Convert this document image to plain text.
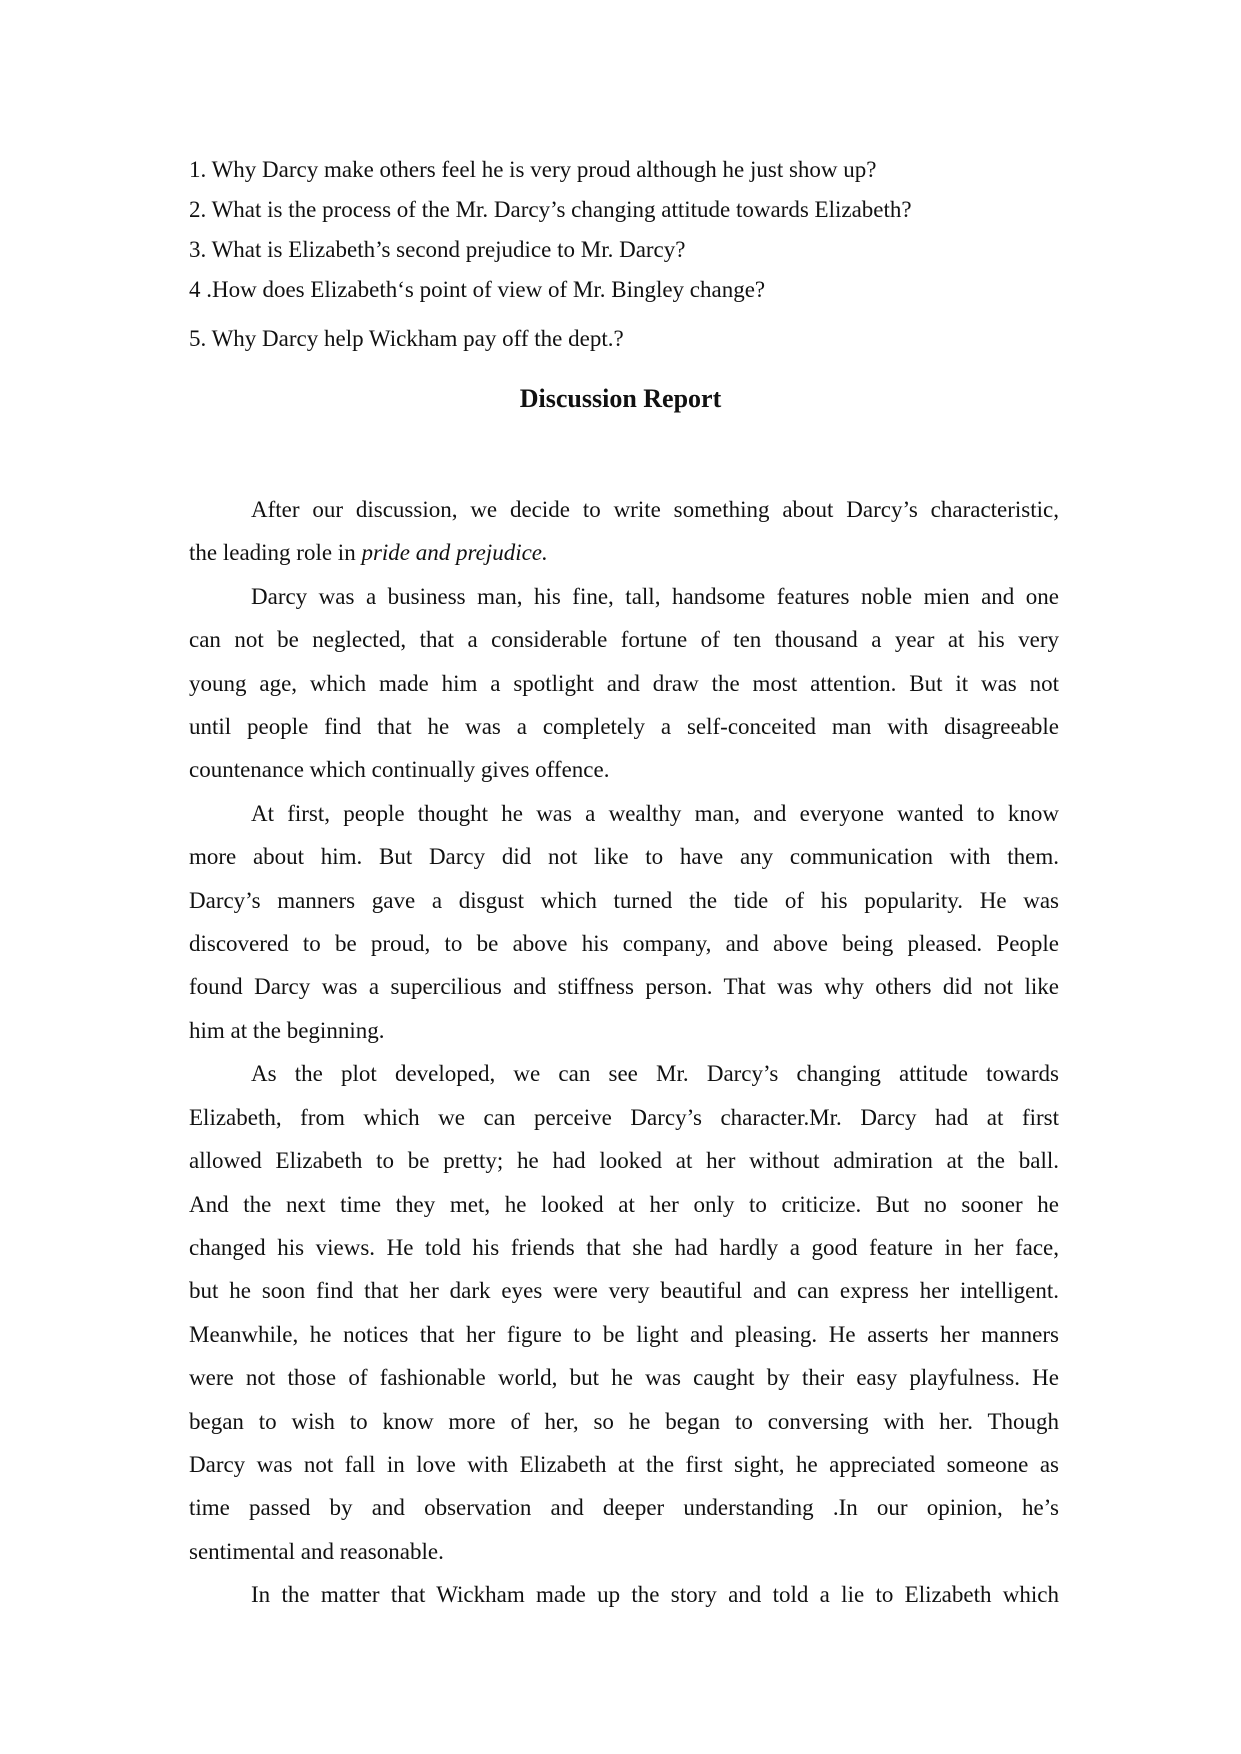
1. Why Darcy make others feel he is very proud although he just show up?

2. What is the process of the Mr. Darcy’s changing attitude towards Elizabeth?

3. What is Elizabeth’s second prejudice to Mr. Darcy?

4 .How does Elizabeth‘s point of view of Mr. Bingley change?

5. Why Darcy help Wickham pay off the dept.?

Discussion Report
After our discussion, we decide to write something about Darcy’s characteristic,
the leading role in pride and prejudice.
Darcy was a business man, his fine, tall, handsome features noble mien and one
can not be neglected, that a considerable fortune of ten thousand a year at his very
young age, which made him a spotlight and draw the most attention. But it was not
until people find that he was a completely a self-conceited man with disagreeable
countenance which continually gives offence.
At first, people thought he was a wealthy man, and everyone wanted to know
more about him. But Darcy did not like to have any communication with them.
Darcy’s manners gave a disgust which turned the tide of his popularity. He was
discovered to be proud, to be above his company, and above being pleased. People
found Darcy was a supercilious and stiffness person. That was why others did not like
him at the beginning.
As the plot developed, we can see Mr. Darcy’s changing attitude towards
Elizabeth, from which we can perceive Darcy’s character.Mr. Darcy had at first
allowed Elizabeth to be pretty; he had looked at her without admiration at the ball.
And the next time they met, he looked at her only to criticize. But no sooner he
changed his views. He told his friends that she had hardly a good feature in her face,
but he soon find that her dark eyes were very beautiful and can express her intelligent.
Meanwhile, he notices that her figure to be light and pleasing. He asserts her manners
were not those of fashionable world, but he was caught by their easy playfulness. He
began to wish to know more of her, so he began to conversing with her. Though
Darcy was not fall in love with Elizabeth at the first sight, he appreciated someone as
time passed by and observation and deeper understanding .In our opinion, he’s
sentimental and reasonable.
In the matter that Wickham made up the story and told a lie to Elizabeth which
